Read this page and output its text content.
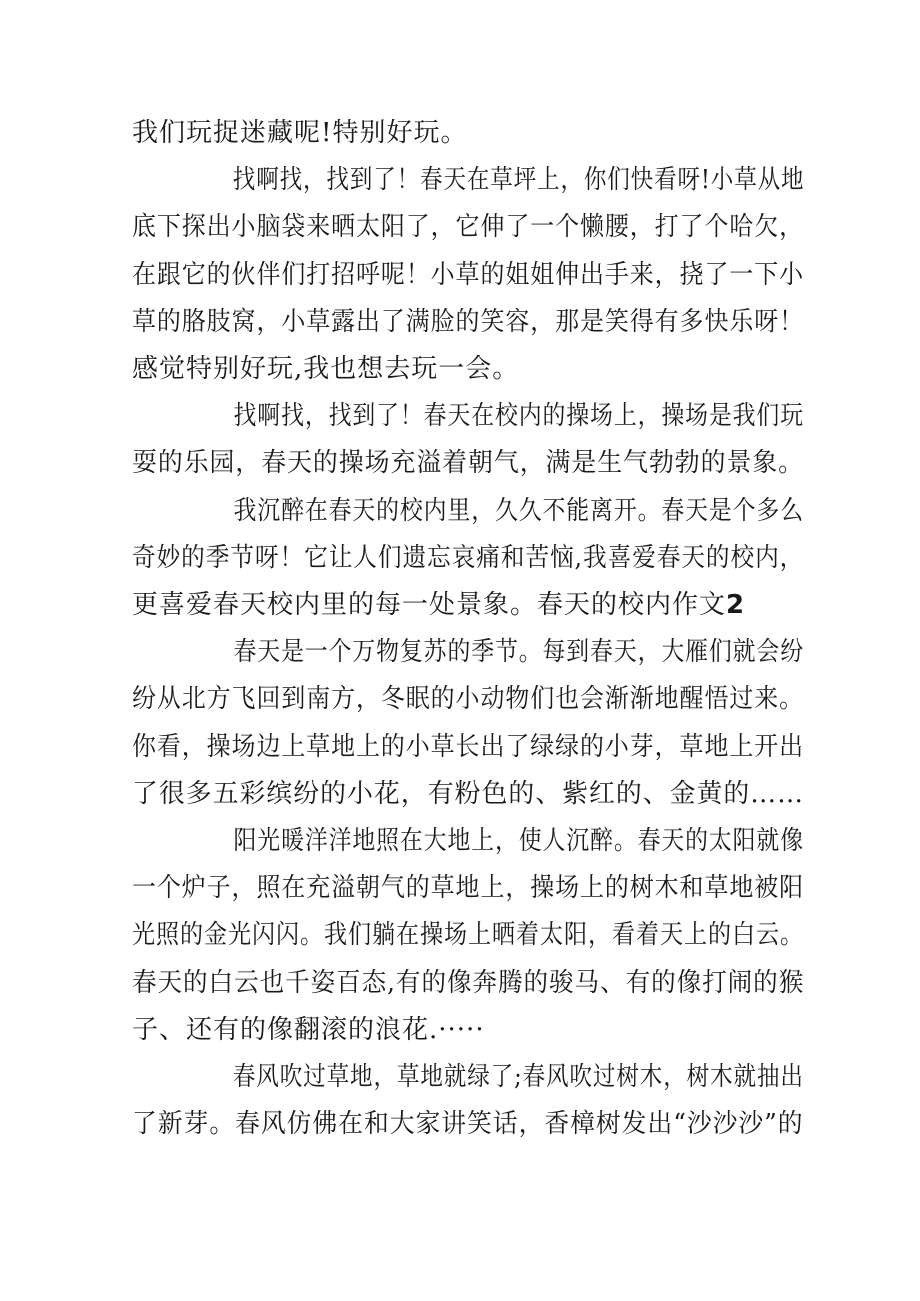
我们玩捉迷藏呢!特别好玩。
找啊找，找到了！春天在草坪上，你们快看呀!小草从地
底下探出小脑袋来晒太阳了，它伸了一个懒腰，打了个哈欠，
在跟它的伙伴们打招呼呢！小草的姐姐伸出手来，挠了一下小
草的胳肢窝，小草露出了满脸的笑容，那是笑得有多快乐呀！
感觉特别好玩,我也想去玩一会。
找啊找，找到了！春天在校内的操场上，操场是我们玩
耍的乐园，春天的操场充溢着朝气，满是生气勃勃的景象。
我沉醉在春天的校内里，久久不能离开。春天是个多么
奇妙的季节呀！它让人们遗忘哀痛和苦恼,我喜爱春天的校内，
更喜爱春天校内里的每一处景象。春天的校内作文2
春天是一个万物复苏的季节。每到春天，大雁们就会纷
纷从北方飞回到南方，冬眠的小动物们也会渐渐地醒悟过来。
你看，操场边上草地上的小草长出了绿绿的小芽，草地上开出
了很多五彩缤纷的小花，有粉色的、紫红的、金黄的……
阳光暖洋洋地照在大地上，使人沉醉。春天的太阳就像
一个炉子，照在充溢朝气的草地上，操场上的树木和草地被阳
光照的金光闪闪。我们躺在操场上晒着太阳，看着天上的白云。
春天的白云也千姿百态,有的像奔腾的骏马、有的像打闹的猴
子、还有的像翻滚的浪花.·····
春风吹过草地，草地就绿了;春风吹过树木，树木就抽出
了新芽。春风仿佛在和大家讲笑话，香樟树发出“沙沙沙”的
